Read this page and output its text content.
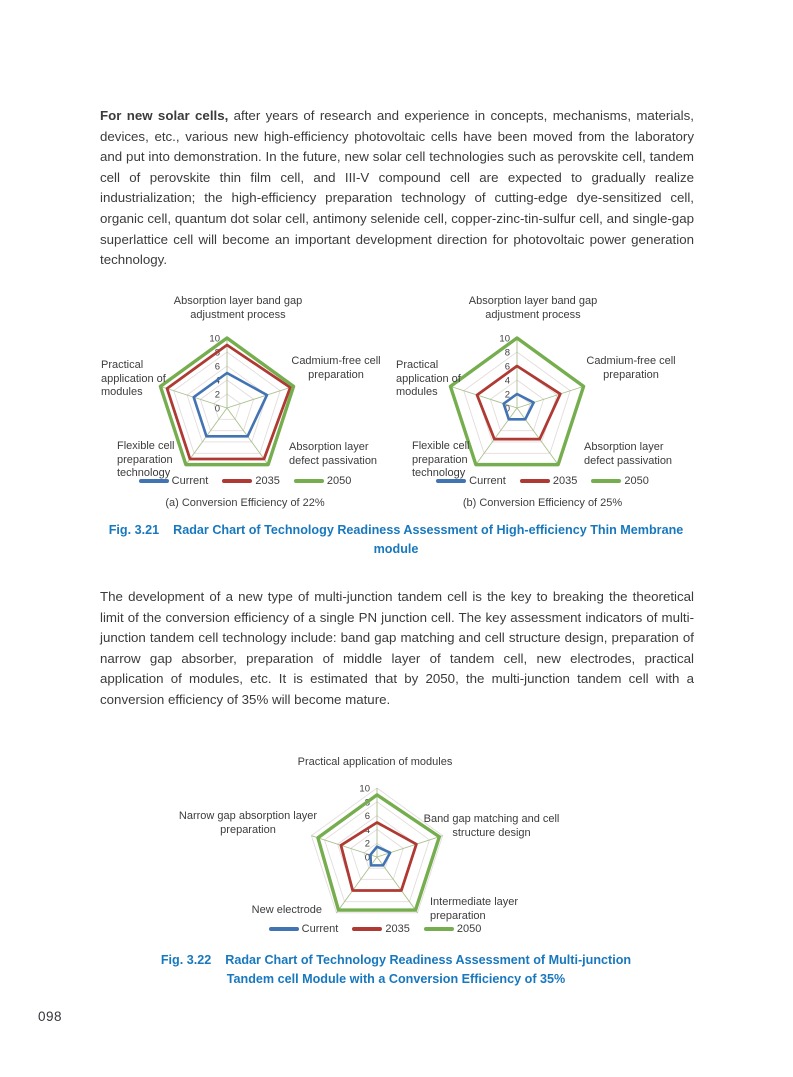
For new solar cells, after years of research and experience in concepts, mechanisms, materials, devices, etc., various new high-efficiency photovoltaic cells have been moved from the laboratory and put into demonstration. In the future, new solar cell technologies such as perovskite cell, tandem cell of perovskite thin film cell, and III-V compound cell are expected to gradually realize industrialization; the high-efficiency preparation technology of cutting-edge dye-sensitized cell, organic cell, quantum dot solar cell, antimony selenide cell, copper-zinc-tin-sulfur cell, and single-gap superlattice cell will become an important development direction for photovoltaic power generation technology.

0
2
4
6
8
10
Absorption layer band gap adjustment process
Cadmium-free cell preparation
Absorption layer defect passivation
Flexible cell preparation technology
Practical application of modules
Current	2035	2050
(a) Conversion Efficiency of 22%
0
2
4
6
8
10
Absorption layer band gap adjustment process
Cadmium-free cell preparation
Absorption layer defect passivation
Flexible cell preparation technology
Practical application of modules
Current	2035	2050
(b) Conversion Efficiency of 25%
Fig. 3.21 Radar Chart of Technology Readiness Assessment of High-efficiency Thin Membrane module

The development of a new type of multi-junction tandem cell is the key to breaking the theoretical limit of the conversion efficiency of a single PN junction cell. The key assessment indicators of multi-junction tandem cell technology include: band gap matching and cell structure design, preparation of narrow gap absorber, preparation of middle layer of tandem cell, new electrodes, practical application of modules, etc. It is estimated that by 2050, the multi-junction tandem cell with a conversion efficiency of 35% will become mature.

0
2
4
6
8
10
Practical application of modules
Band gap matching and cell structure design
Intermediate layer preparation
New electrode
Narrow gap absorption layer preparation
Current	2035	2050
Fig. 3.22 Radar Chart of Technology Readiness Assessment of Multi-junction Tandem cell Module with a Conversion Efficiency of 35%
098
